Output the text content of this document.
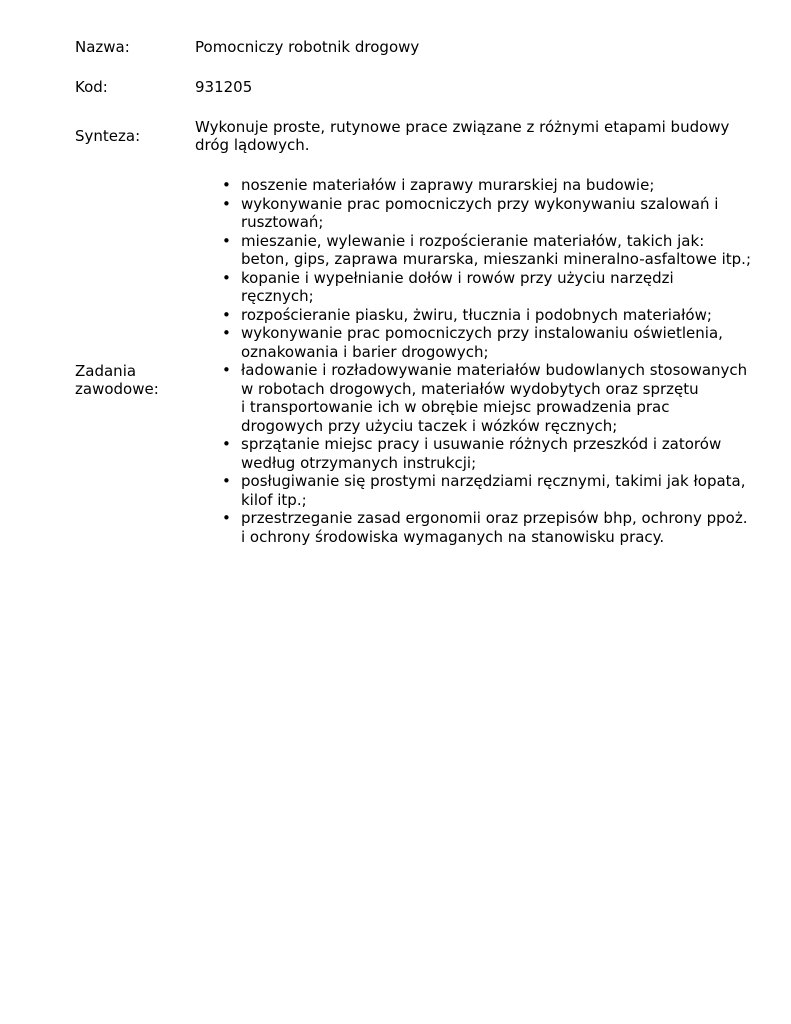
Nazwa:	Pomocniczy robotnik drogowy
Kod:	931205
Synteza:	Wykonuje proste, rutynowe prace związane z różnymi etapami budowy dróg lądowych.
Zadania zawodowe:
• noszenie materiałów i zaprawy murarskiej na budowie;
• wykonywanie prac pomocniczych przy wykonywaniu szalowań i rusztowań;
• mieszanie, wylewanie i rozpościeranie materiałów, takich jak: beton, gips, zaprawa murarska, mieszanki mineralno-asfaltowe itp.;
• kopanie i wypełnianie dołów i rowów przy użyciu narzędzi ręcznych;
• rozpościeranie piasku, żwiru, tłucznia i podobnych materiałów;
• wykonywanie prac pomocniczych przy instalowaniu oświetlenia, oznakowania i barier drogowych;
• ładowanie i rozładowywanie materiałów budowlanych stosowanych
w robotach drogowych, materiałów wydobytych oraz sprzętu
i transportowanie ich w obrębie miejsc prowadzenia prac drogowych przy użyciu taczek i wózków ręcznych;
• sprzątanie miejsc pracy i usuwanie różnych przeszkód i zatorów według otrzymanych instrukcji;
• posługiwanie się prostymi narzędziami ręcznymi, takimi jak łopata, kilof itp.;
• przestrzeganie zasad ergonomii oraz przepisów bhp, ochrony ppoż. i ochrony środowiska wymaganych na stanowisku pracy.
